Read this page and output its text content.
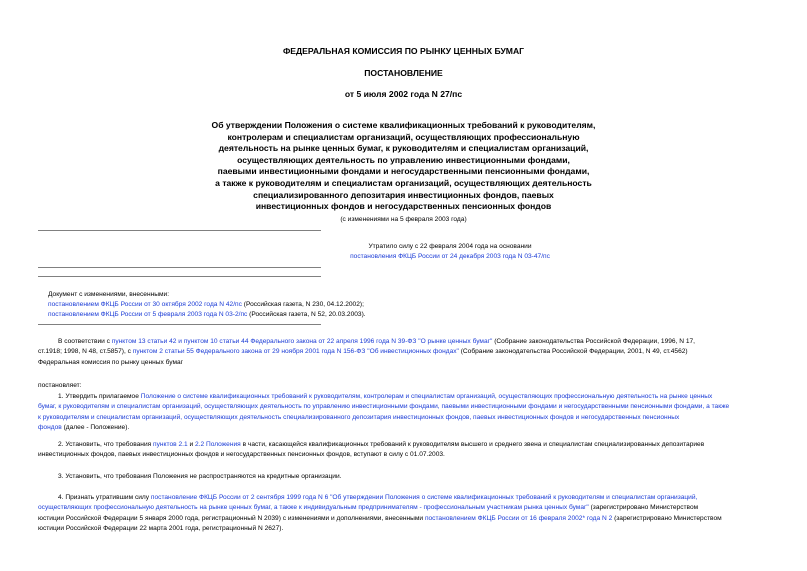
ФЕДЕРАЛЬНАЯ КОМИССИЯ ПО РЫНКУ ЦЕННЫХ БУМАГ
ПОСТАНОВЛЕНИЕ
от 5 июля 2002 года N 27/пс
Об утверждении Положения о системе квалификационных требований к руководителям,
контролерам и специалистам организаций, осуществляющих профессиональную
деятельность на рынке ценных бумаг, к руководителям и специалистам организаций,
осуществляющих деятельность по управлению инвестиционными фондами,
паевыми инвестиционными фондами и негосударственными пенсионными фондами,
а также к руководителям и специалистам организаций, осуществляющих деятельность
специализированного депозитария инвестиционных фондов, паевых
инвестиционных фондов и негосударственных пенсионных фондов
(с изменениями на 5 февраля 2003 года)
Утратило силу с 22 февраля 2004 года на основании
постановления ФКЦБ России от 24 декабря 2003 года N 03-47/пс
Документ с изменениями, внесенными:
постановлением ФКЦБ России от 30 октября 2002 года N 42/пс (Российская газета, N 230, 04.12.2002);
постановлением ФКЦБ России от 5 февраля 2003 года N 03-2/пс (Российская газета, N 52, 20.03.2003).
В соответствии с пунктом 13 статьи 42 и пунктом 10 статьи 44 Федерального закона от 22 апреля 1996 года N 39-ФЗ "О рынке ценных бумаг" (Собрание законодательства Российской Федерации, 1996, N 17,
ст.1918; 1998, N 48, ст.5857), с пунктом 2 статьи 55 Федерального закона от 29 ноября 2001 года N 156-ФЗ "Об инвестиционных фондах" (Собрание законодательства Российской Федерации, 2001, N 49, ст.4562)
Федеральная комиссия по рынку ценных бумаг
постановляет:
1. Утвердить прилагаемое Положение о системе квалификационных требований к руководителям, контролерам и специалистам организаций, осуществляющих профессиональную деятельность на рынке ценных
бумаг, к руководителям и специалистам организаций, осуществляющих деятельность по управлению инвестиционными фондами, паевыми инвестиционными фондами и негосударственными пенсионными фондами, а также
к руководителям и специалистам организаций, осуществляющих деятельность специализированного депозитария инвестиционных фондов, паевых инвестиционных фондов и негосударственных пенсионных
фондов (далее - Положение).
2. Установить, что требования пунктов 2.1 и 2.2 Положения в части, касающейся квалификационных требований к руководителям высшего и среднего звена и специалистам специализированных депозитариев
инвестиционных фондов, паевых инвестиционных фондов и негосударственных пенсионных фондов, вступают в силу с 01.07.2003.
3. Установить, что требования Положения не распространяются на кредитные организации.
4. Признать утратившим силу постановление ФКЦБ России от 2 сентября 1999 года N 6 "Об утверждении Положения о системе квалификационных требований к руководителям и специалистам организаций,
осуществляющих профессиональную деятельность на рынке ценных бумаг, а также к индивидуальным предпринимателям - профессиональным участникам рынка ценных бумаг" (зарегистрировано Министерством
юстиции Российской Федерации 5 января 2000 года, регистрационный N 2039) с изменениями и дополнениями, внесенными постановлением ФКЦБ России от 16 февраля 2002* года N 2 (зарегистрировано Министерством
юстиции Российской Федерации 22 марта 2001 года, регистрационный N 2627).
